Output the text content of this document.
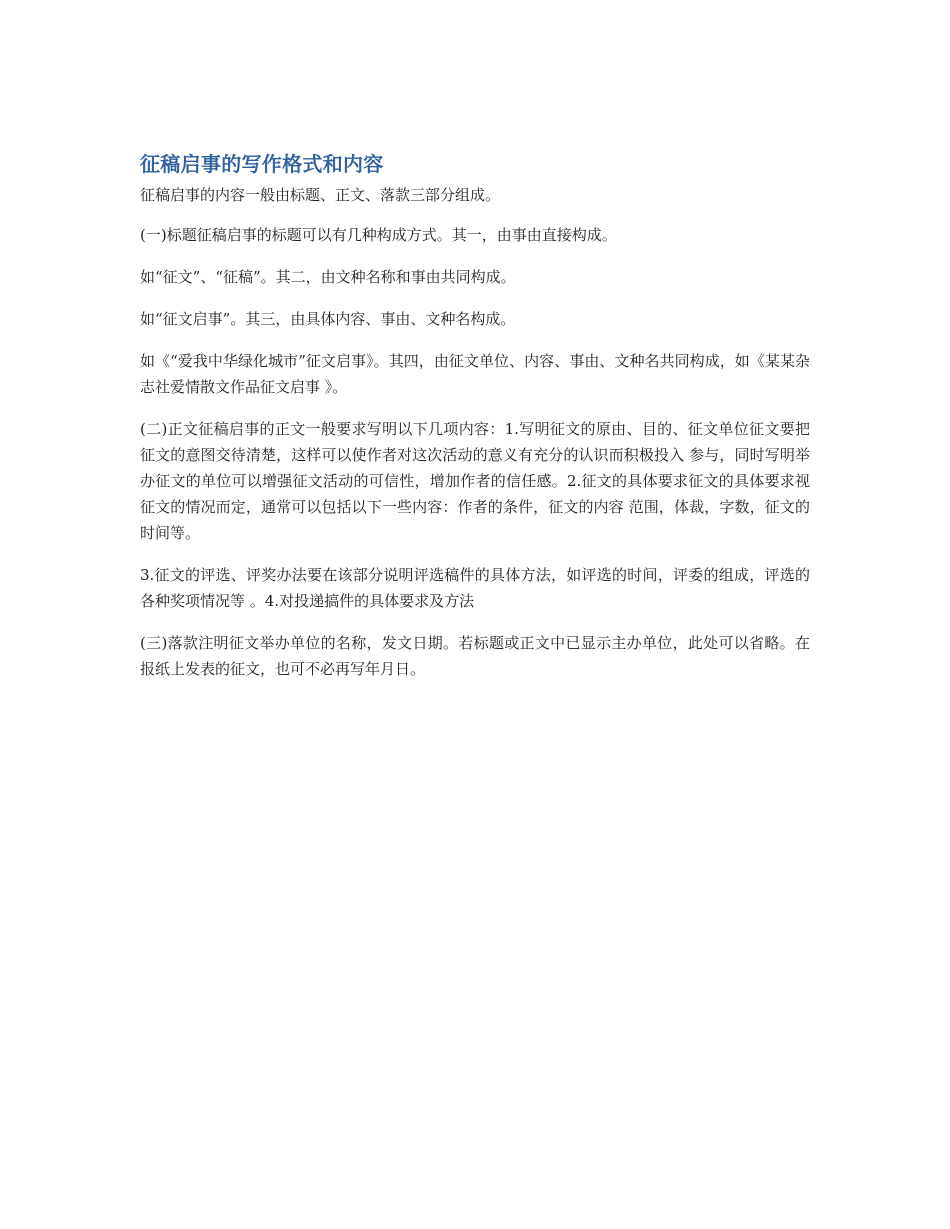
征稿启事的写作格式和内容

征稿启事的内容一般由标题、正文、落款三部分组成。

(一)标题征稿启事的标题可以有几种构成方式。其一，由事由直接构成。

如“征文”、“征稿”。其二，由文种名称和事由共同构成。

如“征文启事”。其三，由具体内容、事由、文种名构成。

如《“爱我中华绿化城市”征文启事》。其四，由征文单位、内容、事由、文种名共同构成，如《某某杂志社爱情散文作品征文启事 》。

(二)正文征稿启事的正文一般要求写明以下几项内容：1.写明征文的原由、目的、征文单位征文要把征文的意图交待清楚，这样可以使作者对这次活动的意义有充分的认识而积极投入 参与，同时写明举办征文的单位可以增强征文活动的可信性，增加作者的信任感。2.征文的具体要求征文的具体要求视征文的情况而定，通常可以包括以下一些内容：作者的条件，征文的内容 范围，体裁，字数，征文的时间等。

3.征文的评选、评奖办法要在该部分说明评选稿件的具体方法，如评选的时间，评委的组成，评选的各种奖项情况等 。4.对投递搞件的具体要求及方法

(三)落款注明征文举办单位的名称，发文日期。若标题或正文中已显示主办单位，此处可以省略。在 报纸上发表的征文，也可不必再写年月日。
